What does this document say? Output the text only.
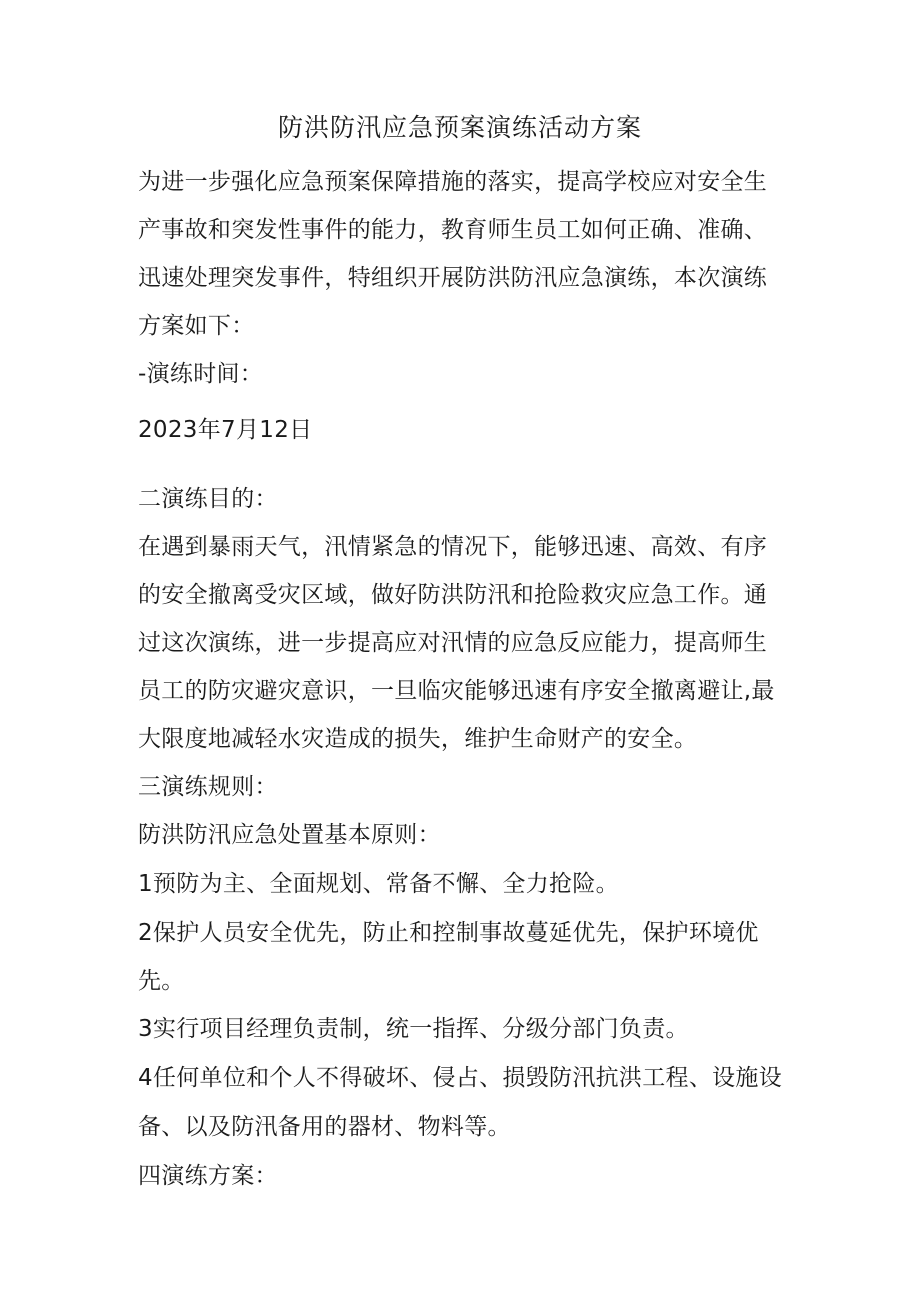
防洪防汛应急预案演练活动方案
为进一步强化应急预案保障措施的落实，提高学校应对安全生
产事故和突发性事件的能力，教育师生员工如何正确、准确、
迅速处理突发事件，特组织开展防洪防汛应急演练，本次演练
方案如下：
-演练时间：
2023年7月12日
二演练目的：
在遇到暴雨天气，汛情紧急的情况下，能够迅速、高效、有序
的安全撤离受灾区域，做好防洪防汛和抢险救灾应急工作。通
过这次演练，进一步提高应对汛情的应急反应能力，提高师生
员工的防灾避灾意识，一旦临灾能够迅速有序安全撤离避让,最
大限度地减轻水灾造成的损失，维护生命财产的安全。
三演练规则：
防洪防汛应急处置基本原则：
1预防为主、全面规划、常备不懈、全力抢险。
2保护人员安全优先，防止和控制事故蔓延优先，保护环境优
先。
3实行项目经理负责制，统一指挥、分级分部门负责。
4任何单位和个人不得破坏、侵占、损毁防汛抗洪工程、设施设
备、以及防汛备用的器材、物料等。
四演练方案：
